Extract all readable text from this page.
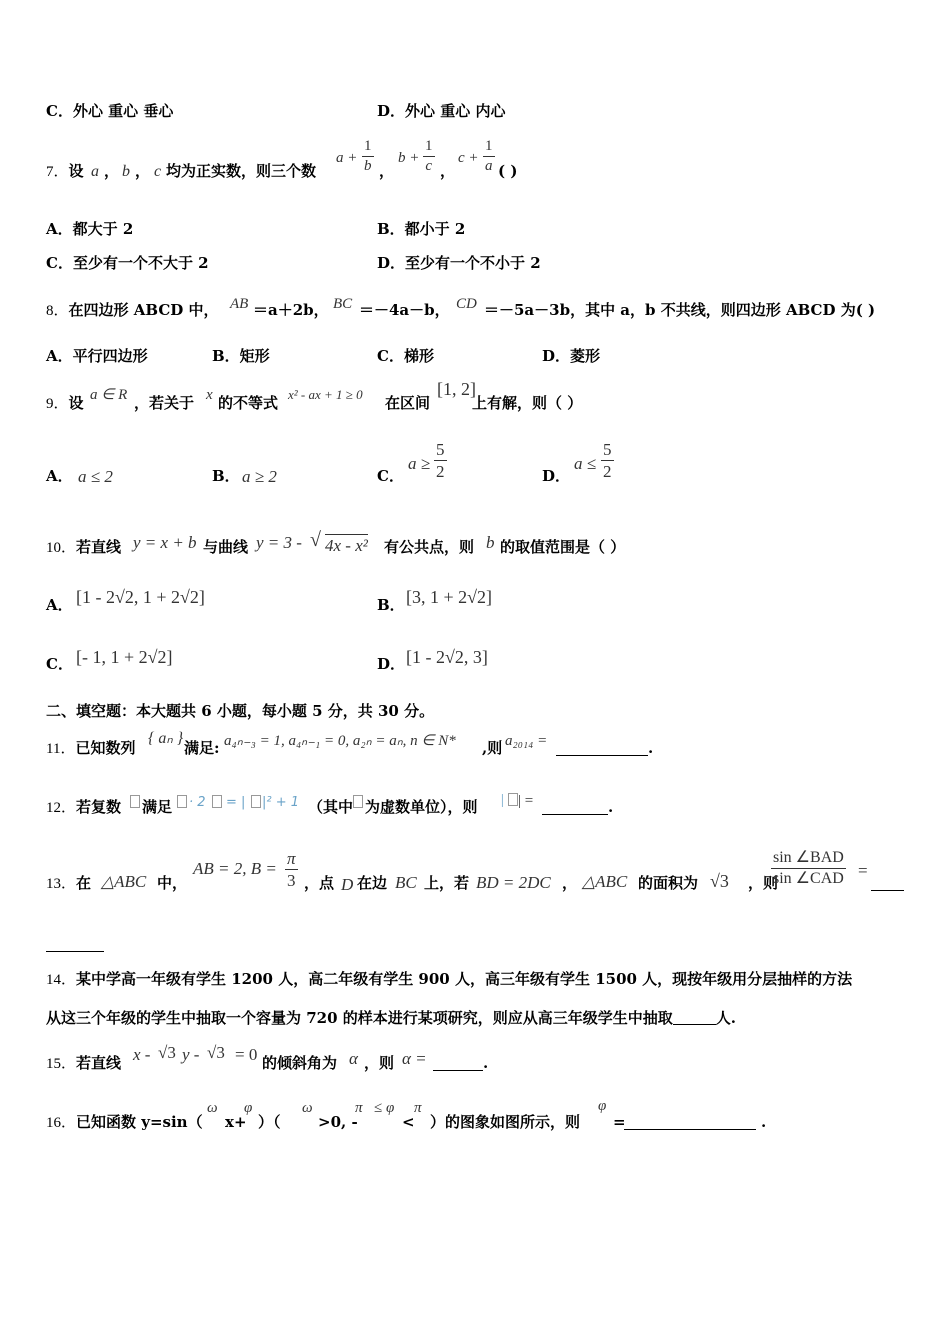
C．外心 重心 垂心	D．外心 重心 内心
7．设 a ， b ， c 均为正实数，则三个数
$a + \frac{1}{b}$ ，
$b + \frac{1}{c}$ ，
$c + \frac{1}{a}$ ( )
A．都大于 2	B．都小于 2
C．至少有一个不大于 2	D．至少有一个不小于 2
8．在四边形 ABCD 中， AB ＝a＋2b， BC ＝－4a－b， CD ＝－5a－3b，其中 a，b 不共线，则四边形 ABCD 为( )
A．平行四边形	B．矩形	C．梯形	D．菱形
9．设 a ∈ R ，若关于 x 的不等式 x² - ax + 1 ≥ 0 在区间
[1, 2]
上有解，则（ ）
A． a ≤ 2	B． a ≥ 2	C．
$a \ge \frac{5}{2}$	D．
$a \le \frac{5}{2}$
10．若直线 y = x + b 与曲线 y = 3 - √ 4x - x² 有公共点，则 b 的取值范围是（ ）
A． [1 - 2√2, 1 + 2√2]	B． [3, 1 + 2√2]
C． [- 1, 1 + 2√2]	D． [1 - 2√2, 3]
二、填空题：本大题共 6 小题，每小题 5 分，共 30 分。
11．已知数列
{ aₙ }
满足: a₄ₙ₋₃ = 1, a₄ₙ₋₁ = 0, a₂ₙ = aₙ, n ∈ N* ,则 a₂₀₁₄ =	.
12．若复数 满足 · 2 = | |² + 1 （其中 为虚数单位），则 | | =	.
13．在 △ABC 中，
AB = 2, $B = \frac{\pi}{3}$ ，点 D 在边 BC 上，若 BD = 2DC ， △ABC 的面积为 √3 ，则
sin ∠BAD
sin ∠CAD =
14．某中学高一年级有学生 1200 人，高二年级有学生 900 人，高三年级有学生 1500 人，现按年级用分层抽样的方法
从这三个年级的学生中抽取一个容量为 720 的样本进行某项研究，则应从高三年级学生中抽取	人.
15．若直线 x - √3 y - √3 = 0 的倾斜角为 α ，则 α =	.
16．已知函数 y=sin（
ω
x+
φ
）（
ω
>0, -
π ≤ φ
<
π
）的图象如图所示，则
φ
=	.
